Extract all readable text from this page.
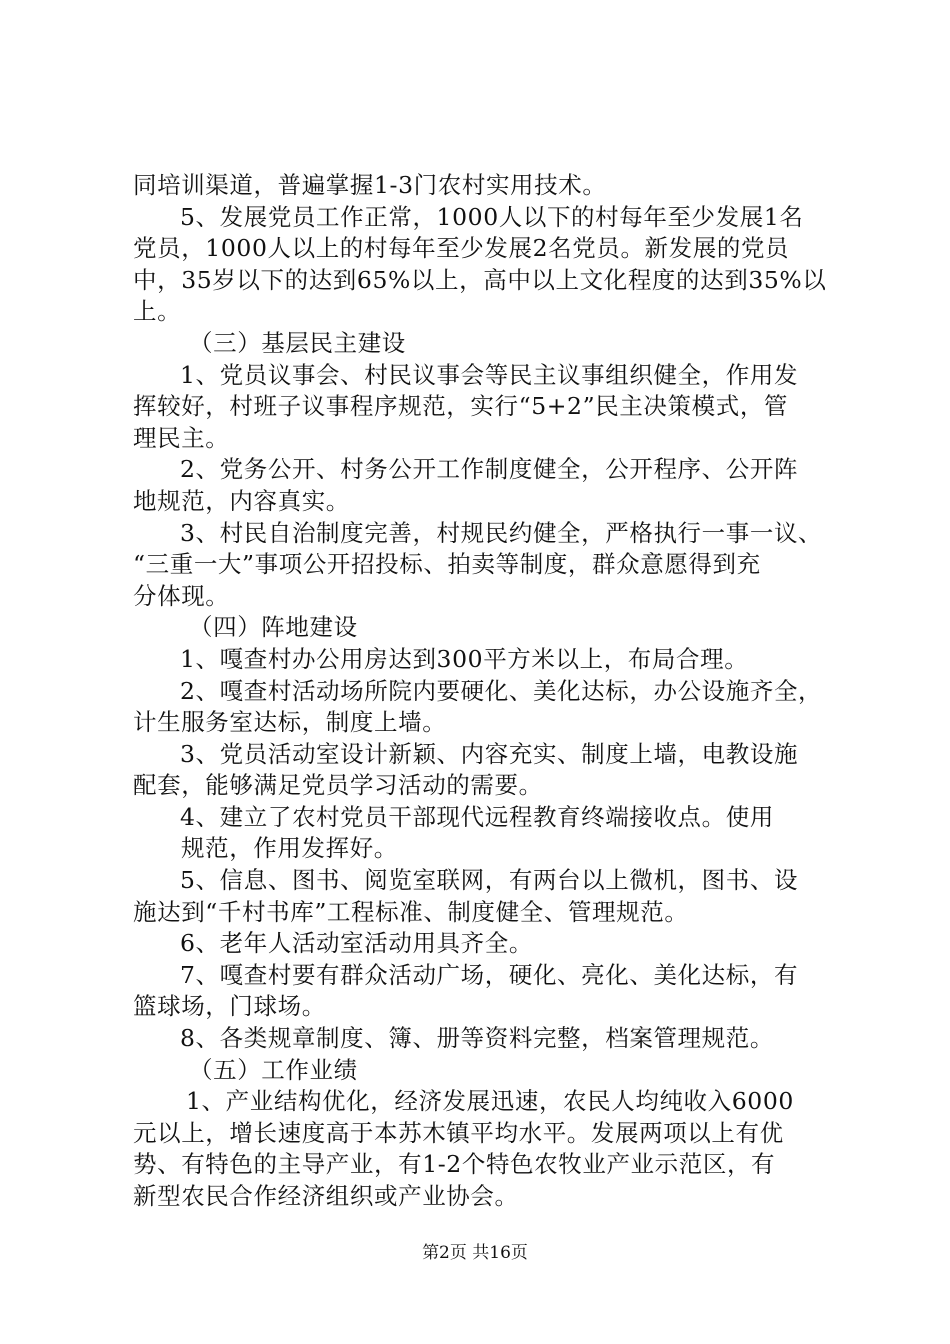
同培训渠道，普遍掌握1-3门农村实用技术。
5、发展党员工作正常，1000人以下的村每年至少发展1名
党员，1000人以上的村每年至少发展2名党员。新发展的党员
中，35岁以下的达到65%以上，高中以上文化程度的达到35%以
上。
（三）基层民主建设
1、党员议事会、村民议事会等民主议事组织健全，作用发
挥较好，村班子议事程序规范，实行“5+2”民主决策模式，管
理民主。
2、党务公开、村务公开工作制度健全，公开程序、公开阵
地规范，内容真实。
3、村民自治制度完善，村规民约健全，严格执行一事一议、
“三重一大”事项公开招投标、拍卖等制度，群众意愿得到充
分体现。
（四）阵地建设
1、嘎查村办公用房达到300平方米以上，布局合理。
2、嘎查村活动场所院内要硬化、美化达标，办公设施齐全，
计生服务室达标，制度上墙。
3、党员活动室设计新颖、内容充实、制度上墙，电教设施
配套，能够满足党员学习活动的需要。
4、建立了农村党员干部现代远程教育终端接收点。使用
规范，作用发挥好。
5、信息、图书、阅览室联网，有两台以上微机，图书、设
施达到“千村书库”工程标准、制度健全、管理规范。
6、老年人活动室活动用具齐全。
7、嘎查村要有群众活动广场，硬化、亮化、美化达标，有
篮球场，门球场。
8、各类规章制度、簿、册等资料完整，档案管理规范。
（五）工作业绩
1、产业结构优化，经济发展迅速，农民人均纯收入6000
元以上，增长速度高于本苏木镇平均水平。发展两项以上有优
势、有特色的主导产业，有1-2个特色农牧业产业示范区，有
新型农民合作经济组织或产业协会。
第2页 共16页
